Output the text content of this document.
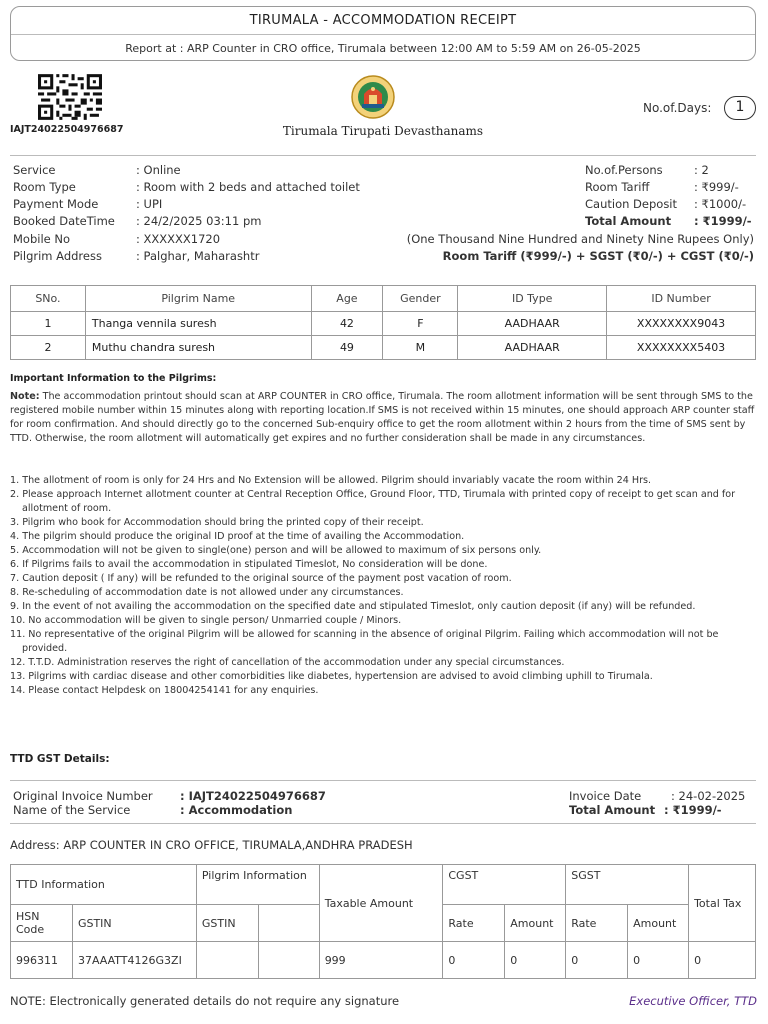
TIRUMALA - ACCOMMODATION RECEIPT
Report at : ARP Counter in CRO office, Tirumala between 12:00 AM to 5:59 AM on 26-05-2025
IAJT24022504976687	Tirumala Tirupati Devasthanams
No.of.Days:	1
Service	: Online
Room Type	: Room with 2 beds and attached toilet
Payment Mode	: UPI
Booked DateTime : 24/2/2025 03:11 pm
Mobile No	: XXXXXX1720
Pilgrim Address	: Palghar, Maharashtr
No.of.Persons	: 2
Room Tariff	: ₹999/-
Caution Deposit : ₹1000/-
Total Amount : ₹1999/-
(One Thousand Nine Hundred and Ninety Nine Rupees Only)
Room Tariff (₹999/-) + SGST (₹0/-) + CGST (₹0/-)
SNo.	Pilgrim Name	Age	Gender	ID Type	ID Number
1	Thanga vennila suresh	42	F	AADHAAR	XXXXXXXX9043
2	Muthu chandra suresh	49	M	AADHAAR	XXXXXXXX5403
Important Information to the Pilgrims:

Note: The accommodation printout should scan at ARP COUNTER in CRO office, Tirumala. The room allotment information will be sent through SMS to the registered mobile number within 15 minutes along with reporting location.If SMS is not received within 15 minutes, one should approach ARP counter staff for room confirmation. And should directly go to the concerned Sub-enquiry office to get the room allotment within 2 hours from the time of SMS sent by TTD. Otherwise, the room allotment will automatically get expires and no further consideration shall be made in any circumstances.

1. The allotment of room is only for 24 Hrs and No Extension will be allowed. Pilgrim should invariably vacate the room within 24 Hrs.
2. Please approach Internet allotment counter at Central Reception Office, Ground Floor, TTD, Tirumala with printed copy of receipt to get scan and for allotment of room.
3. Pilgrim who book for Accommodation should bring the printed copy of their receipt.
4. The pilgrim should produce the original ID proof at the time of availing the Accommodation.
5. Accommodation will not be given to single(one) person and will be allowed to maximum of six persons only.
6. If Pilgrims fails to avail the accommodation in stipulated Timeslot, No consideration will be done.
7. Caution deposit ( If any) will be refunded to the original source of the payment post vacation of room.
8. Re-scheduling of accommodation date is not allowed under any circumstances.
9. In the event of not availing the accommodation on the specified date and stipulated Timeslot, only caution deposit (if any) will be refunded.
10. No accommodation will be given to single person/ Unmarried couple / Minors.
11. No representative of the original Pilgrim will be allowed for scanning in the absence of original Pilgrim. Failing which accommodation will not be provided.
12. T.T.D. Administration reserves the right of cancellation of the accommodation under any special circumstances.
13. Pilgrims with cardiac disease and other comorbidities like diabetes, hypertension are advised to avoid climbing uphill to Tirumala.
14. Please contact Helpdesk on 18004254141 for any enquiries.
TTD GST Details:
Original Invoice Number : IAJT24022504976687
Name of the Service	: Accommodation
Invoice Date	: 24-02-2025
Total Amount : ₹1999/-
Address: ARP COUNTER IN CRO OFFICE, TIRUMALA,ANDHRA PRADESH
TTD Information		Pilgrim Information		Taxable Amount	CGST		SGST		Total Tax
HSN Code	GSTIN	GSTIN			Rate	Amount	Rate	Amount	
996311	37AAATT4126G3ZI			999	0	0	0	0	0
NOTE: Electronically generated details do not require any signature	Executive Officer, TTD
